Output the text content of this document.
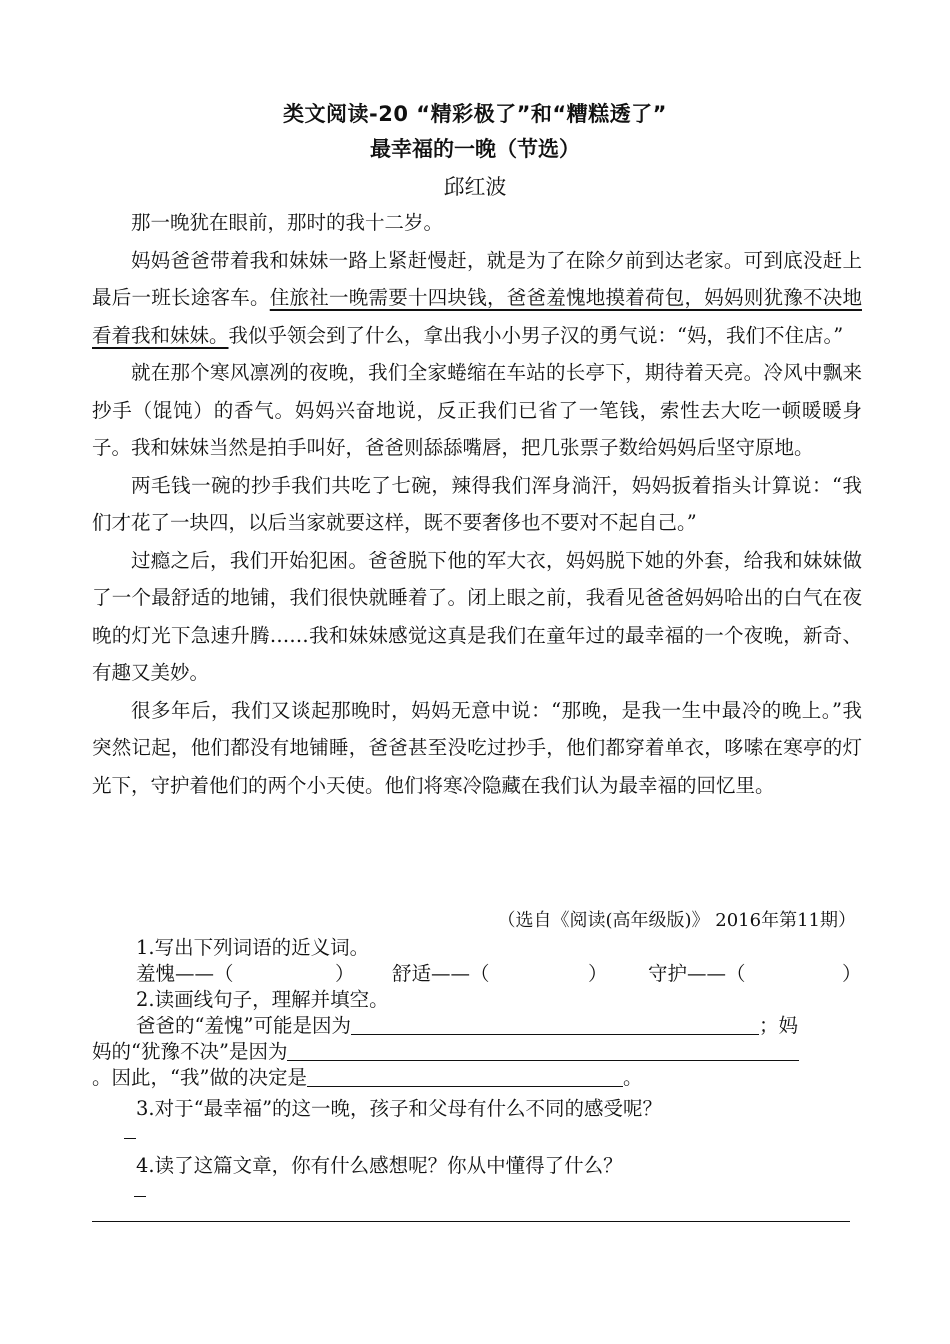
类文阅读-20 “精彩极了”和“糟糕透了”
最幸福的一晚（节选）
邱红波

那一晚犹在眼前，那时的我十二岁。

妈妈爸爸带着我和妹妹一路上紧赶慢赶，就是为了在除夕前到达老家。可到底没赶上最后一班长途客车。住旅社一晚需要十四块钱，爸爸羞愧地摸着荷包，妈妈则犹豫不决地看着我和妹妹。我似乎领会到了什么，拿出我小小男子汉的勇气说：“妈，我们不住店。”

就在那个寒风凛冽的夜晚，我们全家蜷缩在车站的长亭下，期待着天亮。冷风中飘来抄手（馄饨）的香气。妈妈兴奋地说，反正我们已省了一笔钱，索性去大吃一顿暖暖身子。我和妹妹当然是拍手叫好，爸爸则舔舔嘴唇，把几张票子数给妈妈后坚守原地。

两毛钱一碗的抄手我们共吃了七碗，辣得我们浑身淌汗，妈妈扳着指头计算说：“我们才花了一块四，以后当家就要这样，既不要奢侈也不要对不起自己。”

过瘾之后，我们开始犯困。爸爸脱下他的军大衣，妈妈脱下她的外套，给我和妹妹做了一个最舒适的地铺，我们很快就睡着了。闭上眼之前，我看见爸爸妈妈哈出的白气在夜晚的灯光下急速升腾……我和妹妹感觉这真是我们在童年过的最幸福的一个夜晚，新奇、有趣又美妙。

很多年后，我们又谈起那晚时，妈妈无意中说：“那晚，是我一生中最冷的晚上。”我突然记起，他们都没有地铺睡，爸爸甚至没吃过抄手，他们都穿着单衣，哆嗦在寒亭的灯光下，守护着他们的两个小天使。他们将寒冷隐藏在我们认为最幸福的回忆里。

（选自《阅读(高年级版)》 2016年第11期）
1.写出下列词语的近义词。
羞愧——（	） 舒适——（	） 守护——（	）
2.读画线句子，理解并填空。
爸爸的“羞愧”可能是因为	；妈
妈的“犹豫不决”是因为
。因此，“我”做的决定是	。
3.对于“最幸福”的这一晚，孩子和父母有什么不同的感受呢？
4.读了这篇文章，你有什么感想呢？你从中懂得了什么？
